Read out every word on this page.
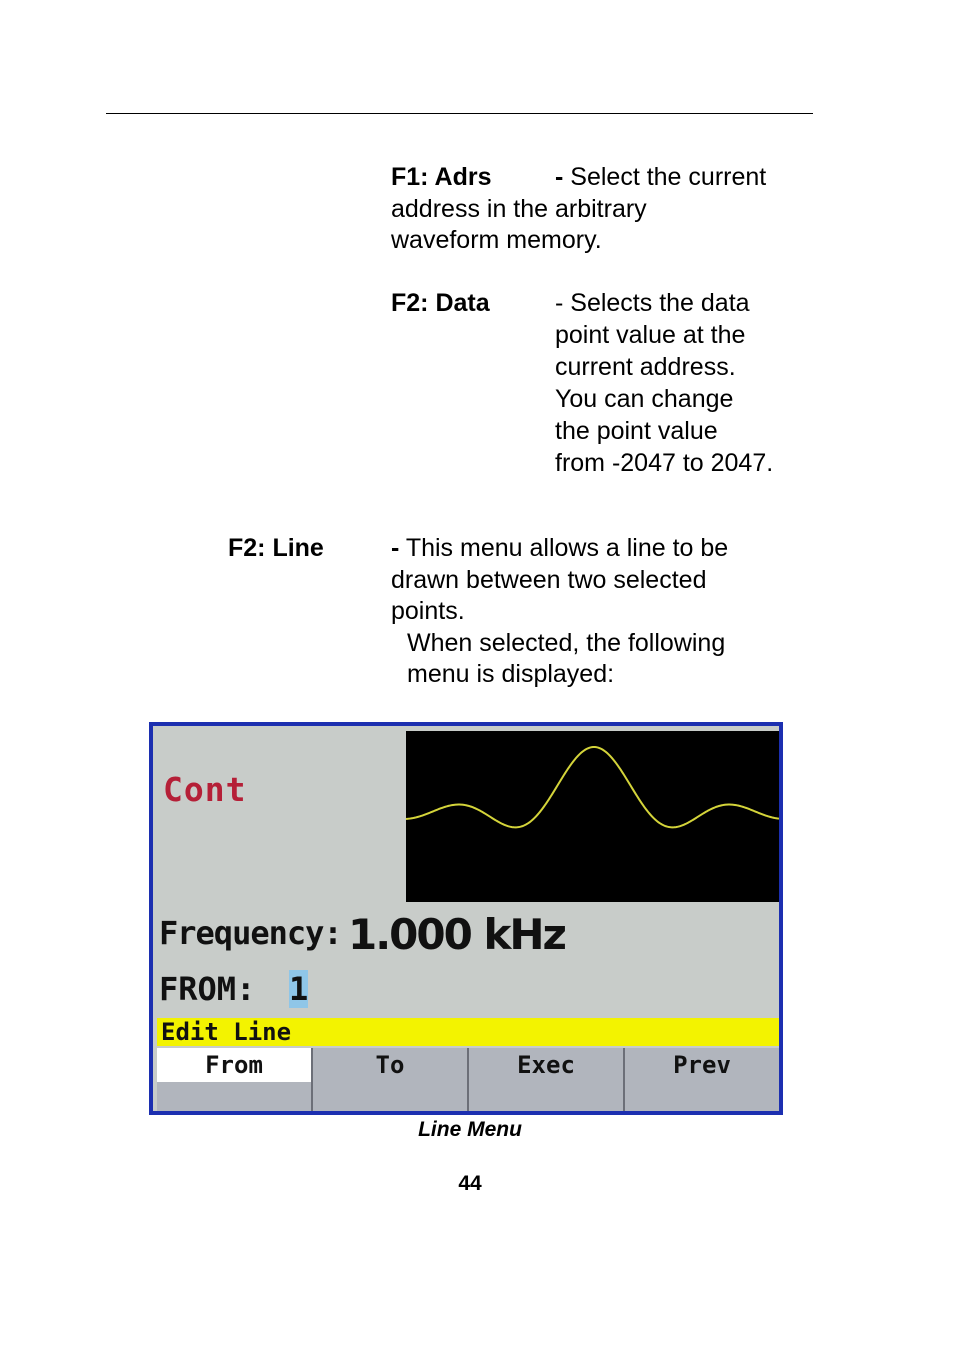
F1: Adrs	- Select the current

address in the arbitrary

waveform memory.

F2: Data	- Selects the data

point value at the

current address.

You can change

the point value

from -2047 to 2047.

F2: Line	- This menu allows a line to be

drawn between two selected

points.

When selected, the following

menu is displayed:

Cont
Frequency: 1.000 kHz
FROM: 1
Edit Line
From	To	Exec	Prev
Line Menu
44
